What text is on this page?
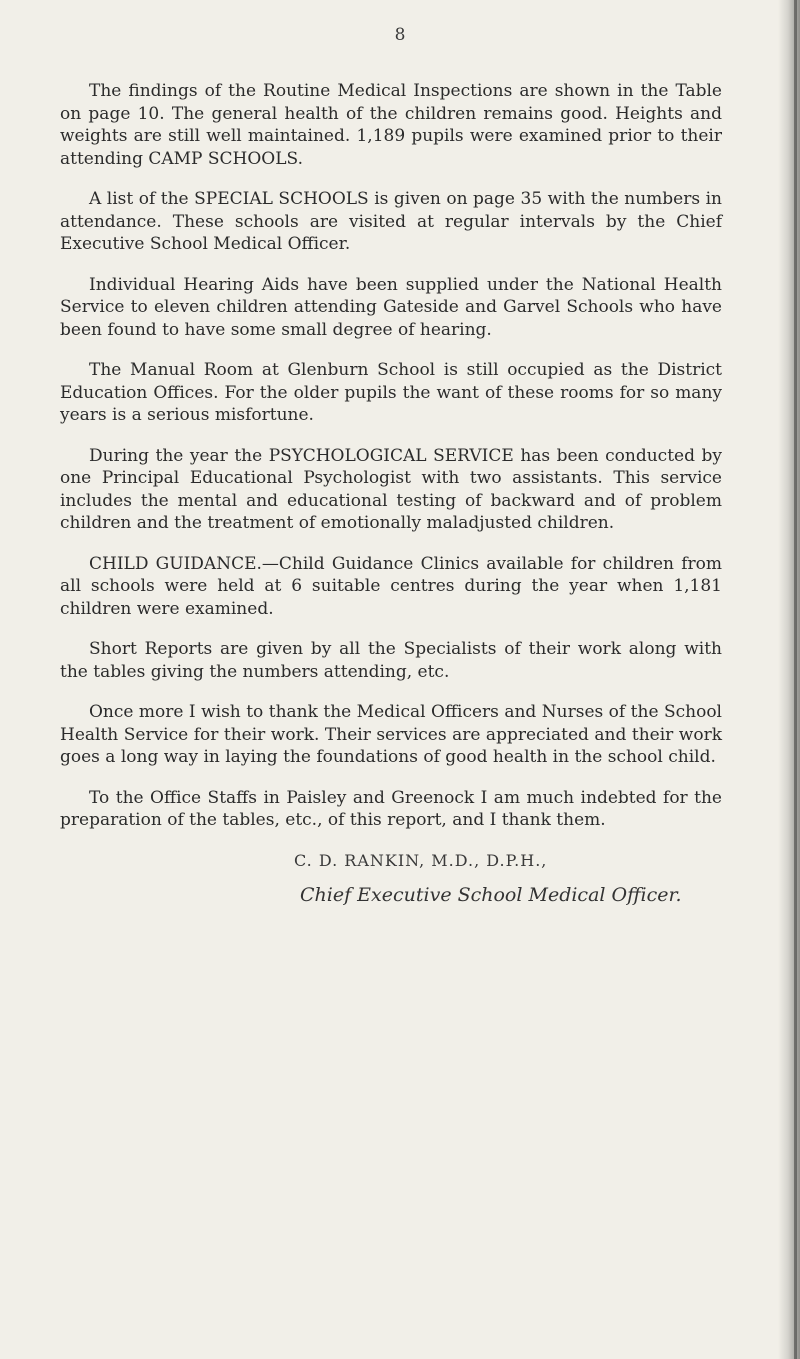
8

The findings of the Routine Medical Inspections are shown in the Table on page 10. The general health of the children remains good. Heights and weights are still well maintained. 1,189 pupils were examined prior to their attending CAMP SCHOOLS.

A list of the SPECIAL SCHOOLS is given on page 35 with the numbers in attendance. These schools are visited at regular intervals by the Chief Executive School Medical Officer.

Individual Hearing Aids have been supplied under the National Health Service to eleven children attending Gateside and Garvel Schools who have been found to have some small degree of hearing.

The Manual Room at Glenburn School is still occupied as the District Education Offices. For the older pupils the want of these rooms for so many years is a serious misfortune.

During the year the PSYCHOLOGICAL SERVICE has been conducted by one Principal Educational Psychologist with two assistants. This service includes the mental and educational testing of backward and of problem children and the treatment of emotionally maladjusted children.

CHILD GUIDANCE.—Child Guidance Clinics available for children from all schools were held at 6 suitable centres during the year when 1,181 children were examined.

Short Reports are given by all the Specialists of their work along with the tables giving the numbers attending, etc.

Once more I wish to thank the Medical Officers and Nurses of the School Health Service for their work. Their services are appreciated and their work goes a long way in laying the foundations of good health in the school child.

To the Office Staffs in Paisley and Greenock I am much indebted for the preparation of the tables, etc., of this report, and I thank them.

C. D. RANKIN, M.D., D.P.H.,
Chief Executive School Medical Officer.
